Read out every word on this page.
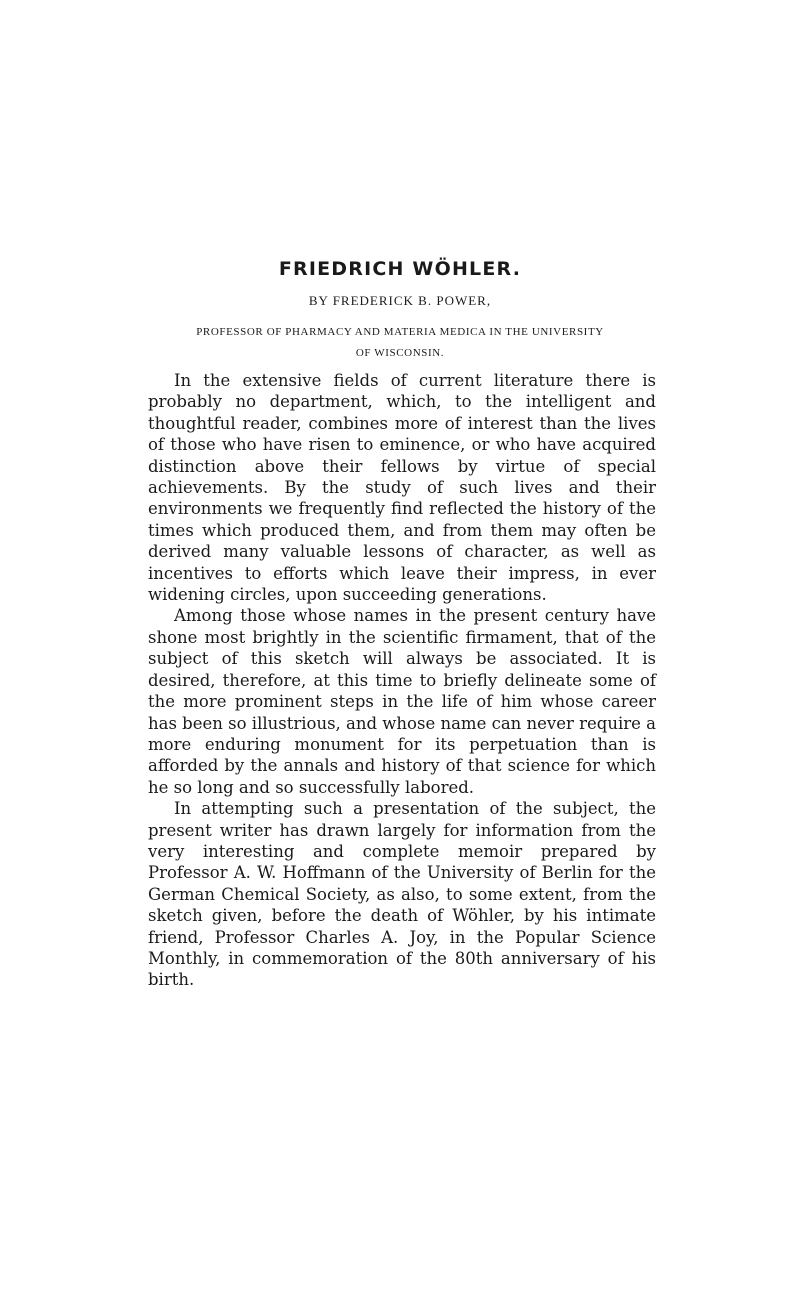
FRIEDRICH WÖHLER.
BY FREDERICK B. POWER,
PROFESSOR OF PHARMACY AND MATERIA MEDICA IN THE UNIVERSITY
OF WISCONSIN.

In the extensive fields of current literature there is probably no department, which, to the intelligent and thoughtful reader, combines more of interest than the lives of those who have risen to eminence, or who have acquired distinction above their fellows by virtue of special achievements. By the study of such lives and their environments we frequently find reflected the history of the times which produced them, and from them may often be derived many valuable lessons of character, as well as incentives to efforts which leave their impress, in ever widening circles, upon succeeding generations.

Among those whose names in the present century have shone most brightly in the scientific firmament, that of the subject of this sketch will always be associated. It is desired, therefore, at this time to briefly delineate some of the more prominent steps in the life of him whose career has been so illustrious, and whose name can never require a more enduring monument for its perpetuation than is afforded by the annals and history of that science for which he so long and so successfully labored.

In attempting such a presentation of the subject, the present writer has drawn largely for information from the very interesting and complete memoir prepared by Professor A. W. Hoffmann of the University of Berlin for the German Chemical Society, as also, to some extent, from the sketch given, before the death of Wöhler, by his intimate friend, Professor Charles A. Joy, in the Popular Science Monthly, in commemoration of the 80th anniversary of his birth.
